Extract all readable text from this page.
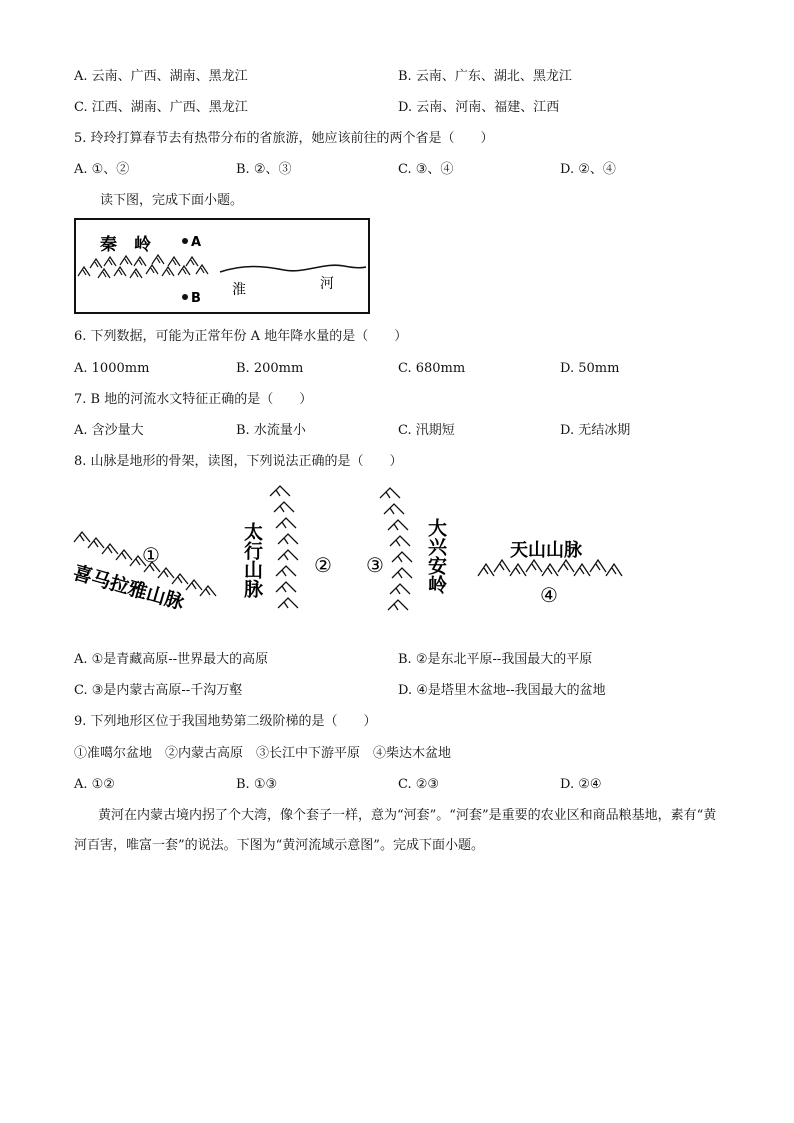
A. 云南、广西、湖南、黑龙江	B. 云南、广东、湖北、黑龙江
C. 江西、湖南、广西、黑龙江	D. 云南、河南、福建、江西
5. 玲玲打算春节去有热带分布的省旅游，她应该前往的两个省是（　　）
A. ①、②	B. ②、③	C. ③、④	D. ②、④
读下图，完成下面小题。
秦　岭	A
B
淮	河
6. 下列数据，可能为正常年份 A 地年降水量的是（　　）
A. 1000mm	B. 200mm	C. 680mm	D. 50mm
7. B 地的河流水文特征正确的是（　　）
A. 含沙量大	B. 水流量小	C. 汛期短	D. 无结冰期
8. 山脉是地形的骨架，读图，下列说法正确的是（　　）
①
喜马拉雅山脉	②
太行山脉	③ 大兴安岭	天山山脉
④
A. ①是青藏高原--世界最大的高原	B. ②是东北平原--我国最大的平原
C. ③是内蒙古高原--千沟万壑	D. ④是塔里木盆地--我国最大的盆地
9. 下列地形区位于我国地势第二级阶梯的是（　　）
①准噶尔盆地　②内蒙古高原　③长江中下游平原　④柴达木盆地
A. ①②	B. ①③	C. ②③	D. ②④
黄河在内蒙古境内拐了个大湾，像个套子一样，意为“河套”。“河套”是重要的农业区和商品粮基地，素有“黄河百害，唯富一套”的说法。下图为“黄河流域示意图”。完成下面小题。
